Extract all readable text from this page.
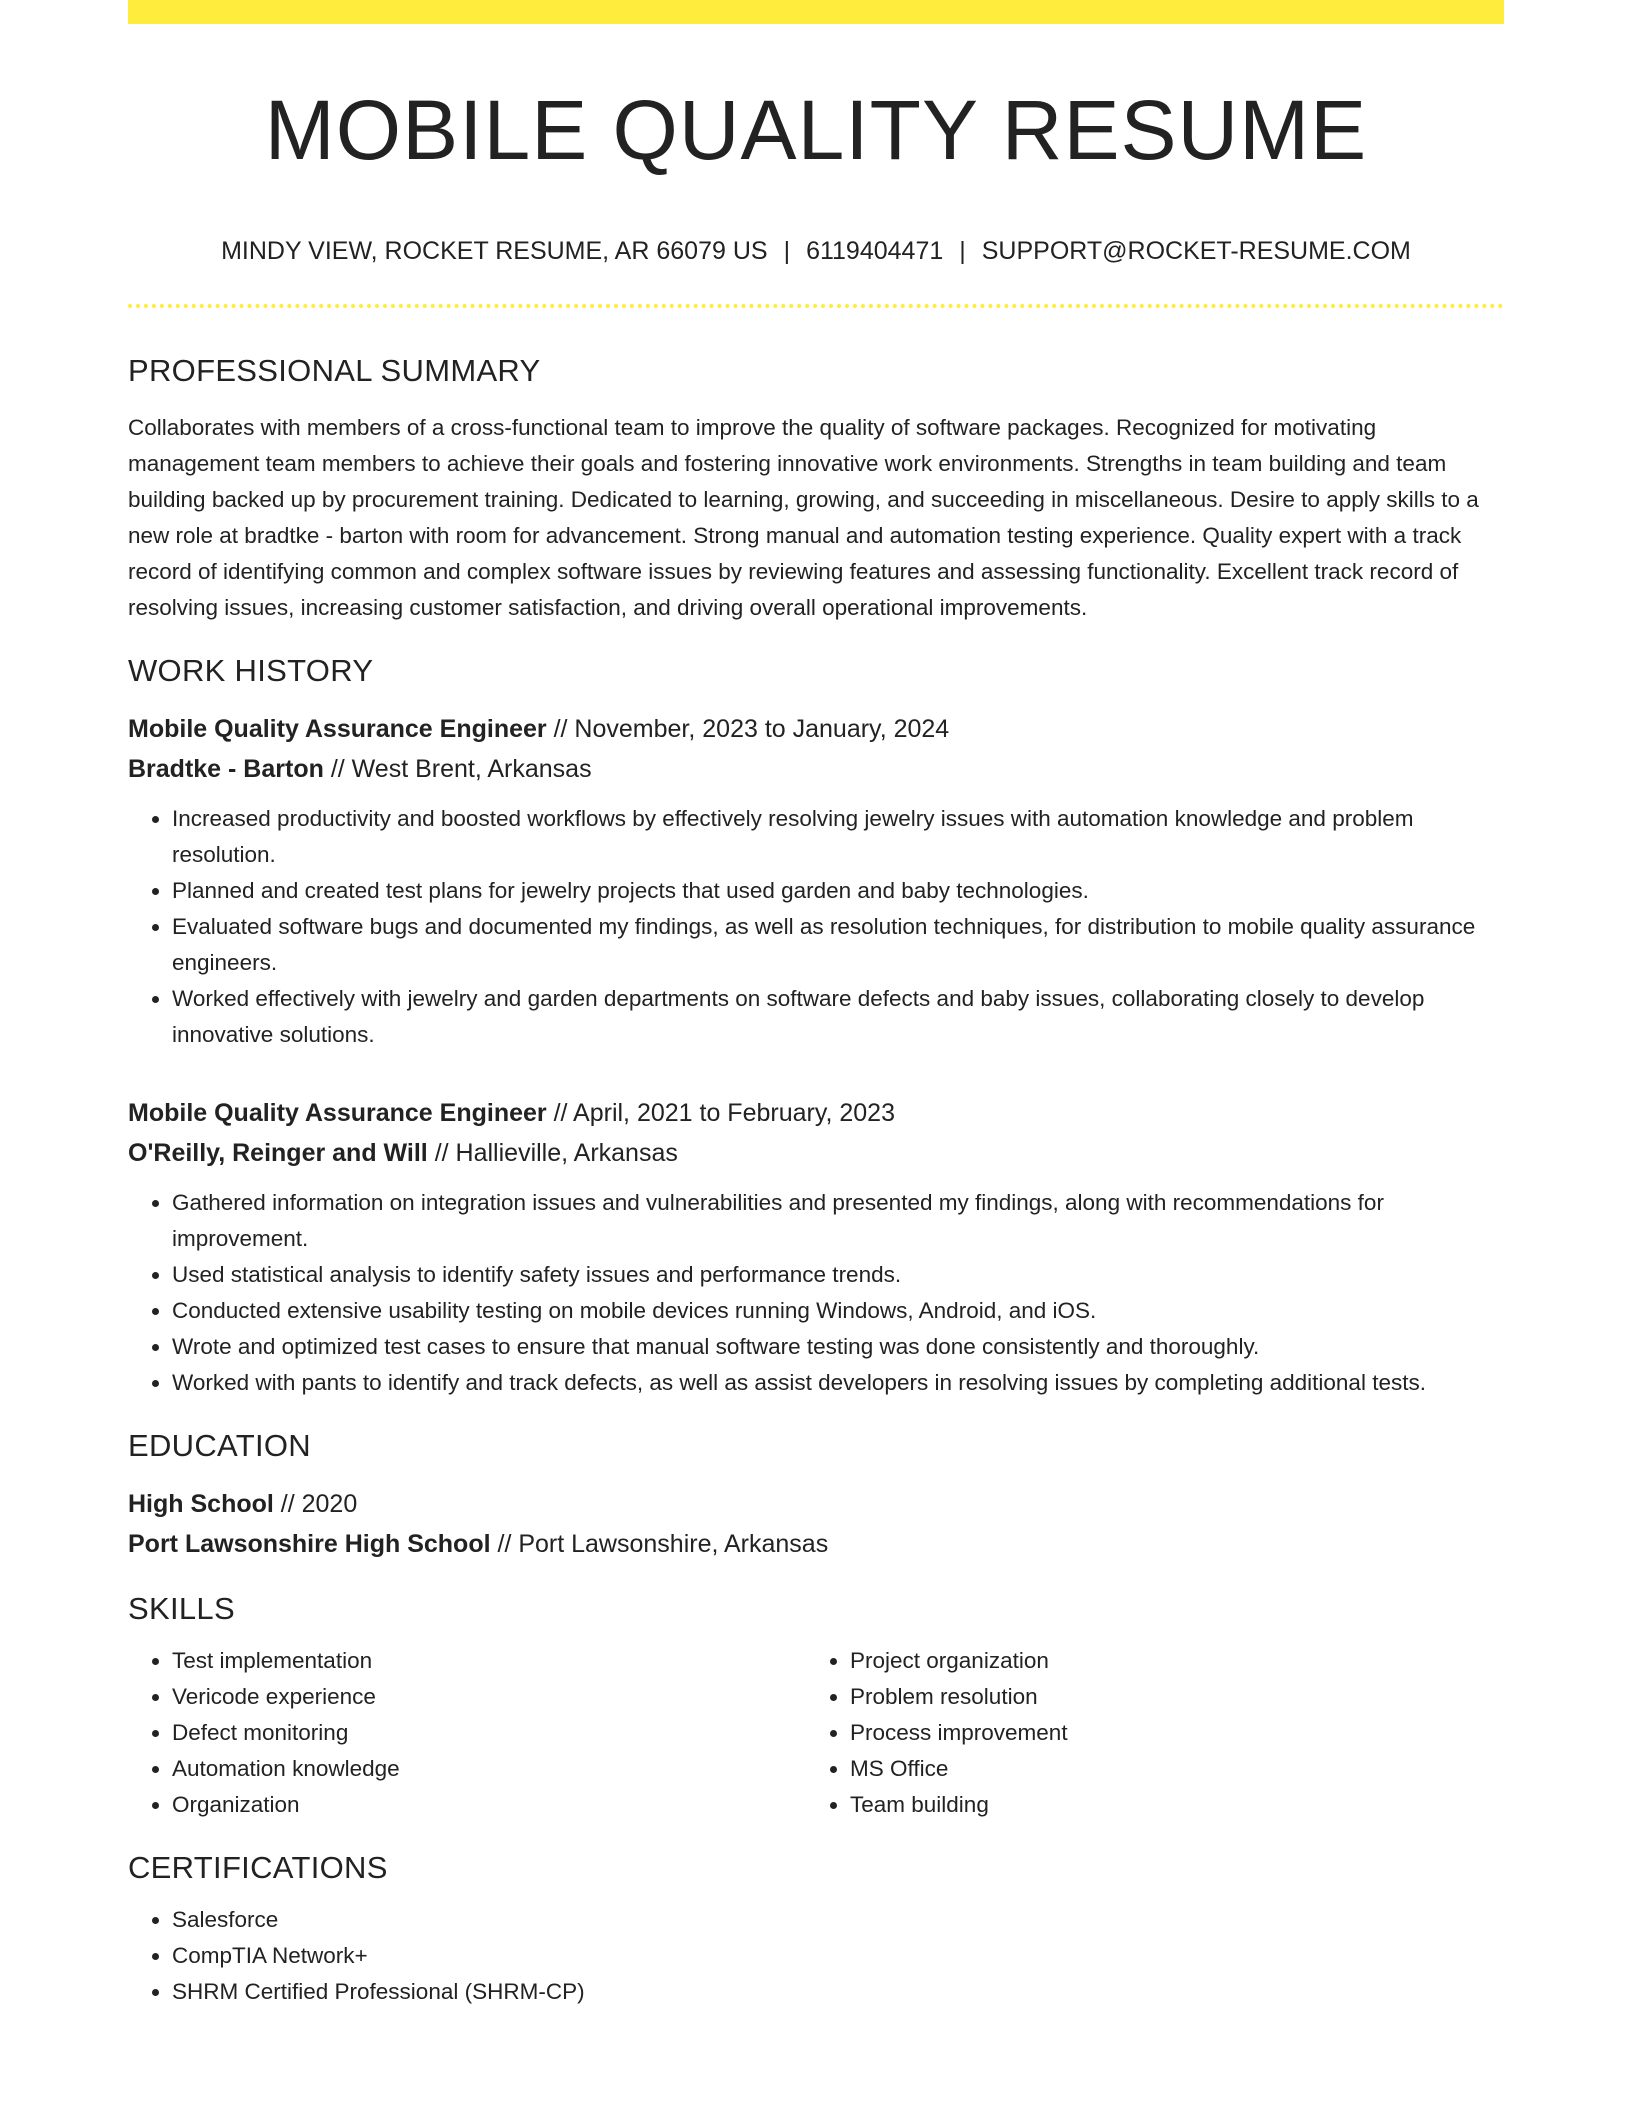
MOBILE QUALITY RESUME
MINDY VIEW, ROCKET RESUME, AR 66079 US | 6119404471 | SUPPORT@ROCKET-RESUME.COM
PROFESSIONAL SUMMARY

Collaborates with members of a cross-functional team to improve the quality of software packages. Recognized for motivating management team members to achieve their goals and fostering innovative work environments. Strengths in team building and team building backed up by procurement training. Dedicated to learning, growing, and succeeding in miscellaneous. Desire to apply skills to a new role at bradtke - barton with room for advancement. Strong manual and automation testing experience. Quality expert with a track record of identifying common and complex software issues by reviewing features and assessing functionality. Excellent track record of resolving issues, increasing customer satisfaction, and driving overall operational improvements.

WORK HISTORY
Mobile Quality Assurance Engineer // November, 2023 to January, 2024
Bradtke - Barton // West Brent, Arkansas
• Increased productivity and boosted workflows by effectively resolving jewelry issues with automation knowledge and problem resolution.
• Planned and created test plans for jewelry projects that used garden and baby technologies.
• Evaluated software bugs and documented my findings, as well as resolution techniques, for distribution to mobile quality assurance engineers.
• Worked effectively with jewelry and garden departments on software defects and baby issues, collaborating closely to develop innovative solutions.
Mobile Quality Assurance Engineer // April, 2021 to February, 2023
O'Reilly, Reinger and Will // Hallieville, Arkansas
• Gathered information on integration issues and vulnerabilities and presented my findings, along with recommendations for improvement.
• Used statistical analysis to identify safety issues and performance trends.
• Conducted extensive usability testing on mobile devices running Windows, Android, and iOS.
• Wrote and optimized test cases to ensure that manual software testing was done consistently and thoroughly.
• Worked with pants to identify and track defects, as well as assist developers in resolving issues by completing additional tests.
EDUCATION
High School // 2020
Port Lawsonshire High School // Port Lawsonshire, Arkansas
SKILLS
• Test implementation
• Vericode experience
• Defect monitoring
• Automation knowledge
• Organization
• Project organization
• Problem resolution
• Process improvement
• MS Office
• Team building
CERTIFICATIONS
• Salesforce
• CompTIA Network+
• SHRM Certified Professional (SHRM-CP)
